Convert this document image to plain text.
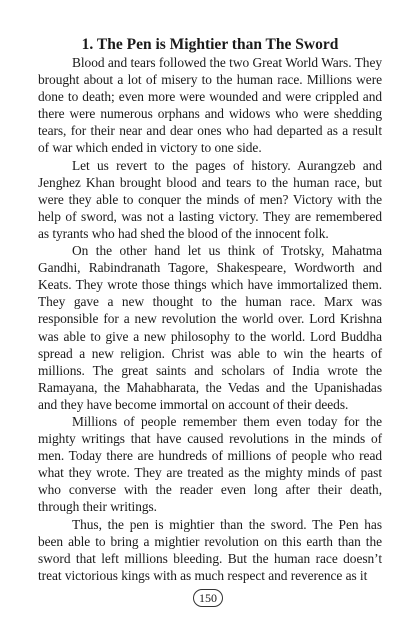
1. The Pen is Mightier than The Sword

Blood and tears followed the two Great World Wars. They brought about a lot of misery to the human race. Millions were done to death; even more were wounded and were crippled and there were numerous orphans and widows who were shedding tears, for their near and dear ones who had departed as a result of war which ended in victory to one side.

Let us revert to the pages of history. Aurangzeb and Jenghez Khan brought blood and tears to the human race, but were they able to conquer the minds of men? Victory with the help of sword, was not a lasting victory. They are remembered as tyrants who had shed the blood of the innocent folk.

On the other hand let us think of Trotsky, Mahatma Gandhi, Rabindranath Tagore, Shakespeare, Wordworth and Keats. They wrote those things which have immortalized them. They gave a new thought to the human race. Marx was responsible for a new revolution the world over. Lord Krishna was able to give a new philosophy to the world. Lord Buddha spread a new religion. Christ was able to win the hearts of millions. The great saints and scholars of India wrote the Ramayana, the Mahabharata, the Vedas and the Upanishadas and they have become immortal on account of their deeds.

Millions of people remember them even today for the mighty writings that have caused revolutions in the minds of men. Today there are hundreds of millions of people who read what they wrote. They are treated as the mighty minds of past who converse with the reader even long after their death, through their writings.

Thus, the pen is mightier than the sword. The Pen has been able to bring a mightier revolution on this earth than the sword that left millions bleeding. But the human race doesn’t treat victorious kings with as much respect and reverence as it

150
